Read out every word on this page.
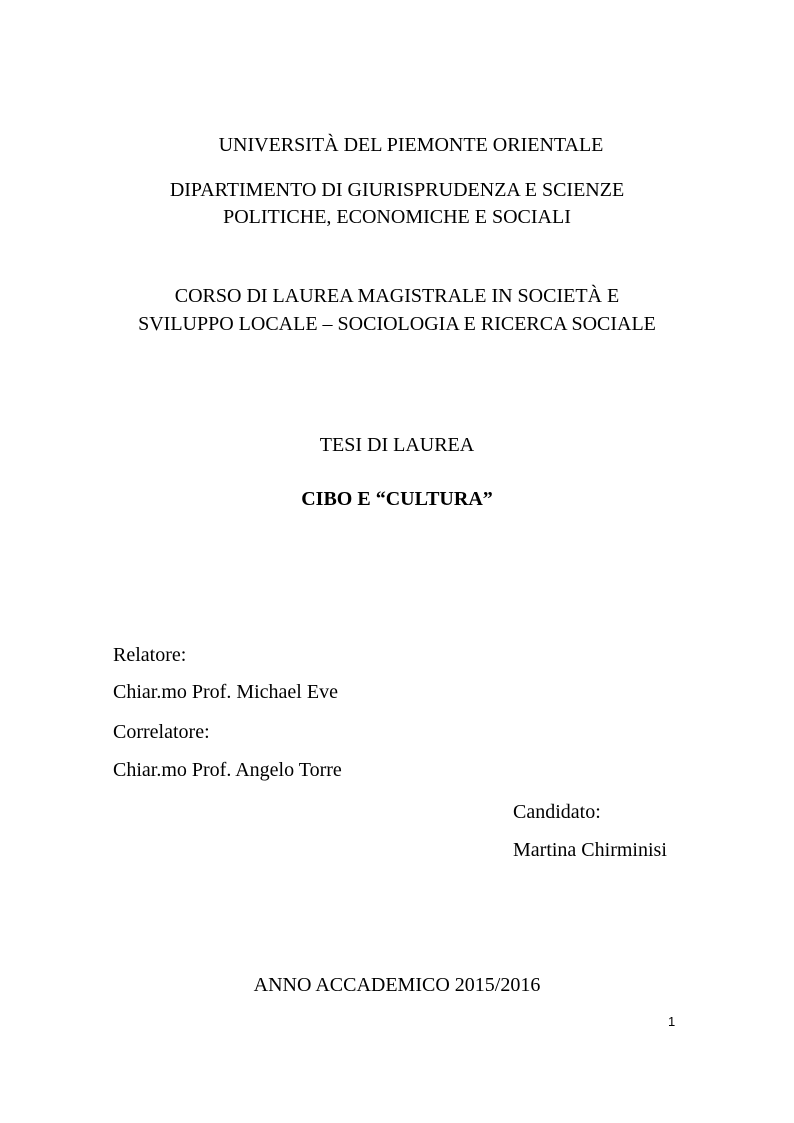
UNIVERSITÀ DEL PIEMONTE ORIENTALE
DIPARTIMENTO DI GIURISPRUDENZA E SCIENZE
POLITICHE, ECONOMICHE E SOCIALI
CORSO DI LAUREA MAGISTRALE IN SOCIETÀ E
SVILUPPO LOCALE – SOCIOLOGIA E RICERCA SOCIALE
TESI DI LAUREA
CIBO E “CULTURA”
Relatore:
Chiar.mo Prof. Michael Eve
Correlatore:
Chiar.mo Prof. Angelo Torre
Candidato:
Martina Chirminisi
ANNO ACCADEMICO 2015/2016
1
